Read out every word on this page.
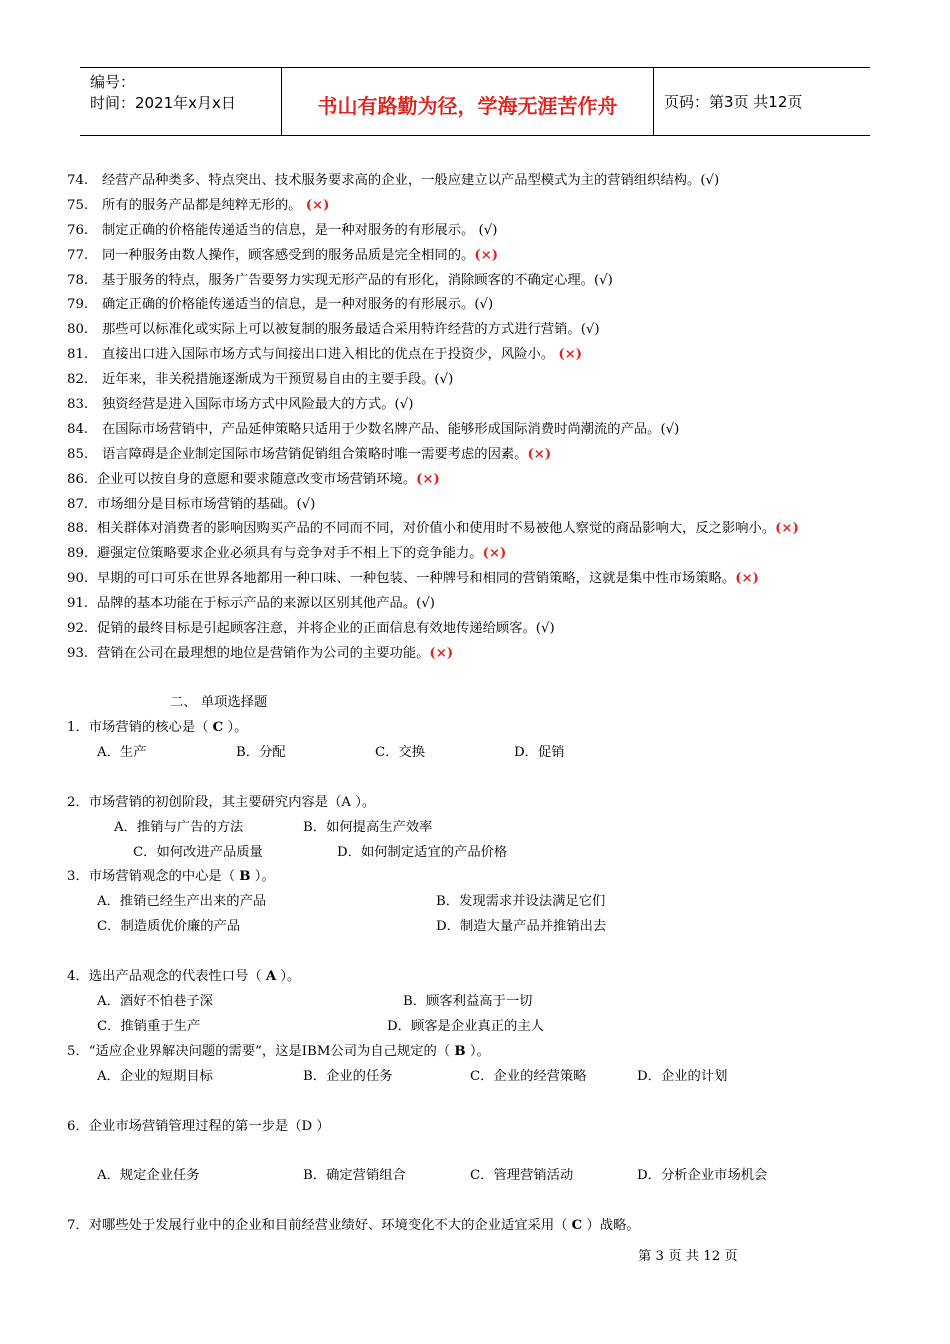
编号：
时间：2021年x月x日	书山有路勤为径，学海无涯苦作舟	页码：第3页 共12页
74. 经营产品种类多、特点突出、技术服务要求高的企业，一般应建立以产品型模式为主的营销组织结构。(√)
75. 所有的服务产品都是纯粹无形的。 (×)
76. 制定正确的价格能传递适当的信息，是一种对服务的有形展示。 (√)
77. 同一种服务由数人操作，顾客感受到的服务品质是完全相同的。(×)
78. 基于服务的特点，服务广告要努力实现无形产品的有形化，消除顾客的不确定心理。(√)
79. 确定正确的价格能传递适当的信息，是一种对服务的有形展示。(√)
80. 那些可以标准化或实际上可以被复制的服务最适合采用特许经营的方式进行营销。(√)
81. 直接出口进入国际市场方式与间接出口进入相比的优点在于投资少，风险小。 (×)
82. 近年来，非关税措施逐渐成为干预贸易自由的主要手段。(√)
83. 独资经营是进入国际市场方式中风险最大的方式。(√)
84. 在国际市场营销中，产品延伸策略只适用于少数名牌产品、能够形成国际消费时尚潮流的产品。(√)
85. 语言障碍是企业制定国际市场营销促销组合策略时唯一需要考虑的因素。(×)
86. 企业可以按自身的意愿和要求随意改变市场营销环境。(×)
87. 市场细分是目标市场营销的基础。(√)
88. 相关群体对消费者的影响因购买产品的不同而不同，对价值小和使用时不易被他人察觉的商品影响大，反之影响小。(×)
89. 避强定位策略要求企业必须具有与竞争对手不相上下的竞争能力。(×)
90. 早期的可口可乐在世界各地都用一种口味、一种包装、一种牌号和相同的营销策略，这就是集中性市场策略。(×)
91. 品牌的基本功能在于标示产品的来源以区别其他产品。(√)
92. 促销的最终目标是引起顾客注意，并将企业的正面信息有效地传递给顾客。(√)
93. 营销在公司在最理想的地位是营销作为公司的主要功能。(×)
二、 单项选择题
1．市场营销的核心是（ C ）。
A．生产	B．分配	C．交换	D．促销
2．市场营销的初创阶段，其主要研究内容是（A ）。
A．推销与广告的方法	B．如何提高生产效率
C．如何改进产品质量	D．如何制定适宜的产品价格
3．市场营销观念的中心是（ B ）。
A．推销已经生产出来的产品	B．发现需求并设法满足它们
C．制造质优价廉的产品	D．制造大量产品并推销出去
4．选出产品观念的代表性口号（ A ）。
A．酒好不怕巷子深	B．顾客利益高于一切
C．推销重于生产	D．顾客是企业真正的主人
5．“适应企业界解决问题的需要”，这是IBM公司为自己规定的（ B ）。
A．企业的短期目标	B．企业的任务	C．企业的经营策略	D．企业的计划
6．企业市场营销管理过程的第一步是（D ）
A．规定企业任务	B．确定营销组合	C．管理营销活动	D．分析企业市场机会
7．对哪些处于发展行业中的企业和目前经营业绩好、环境变化不大的企业适宜采用（ C ）战略。
第 3 页 共 12 页
